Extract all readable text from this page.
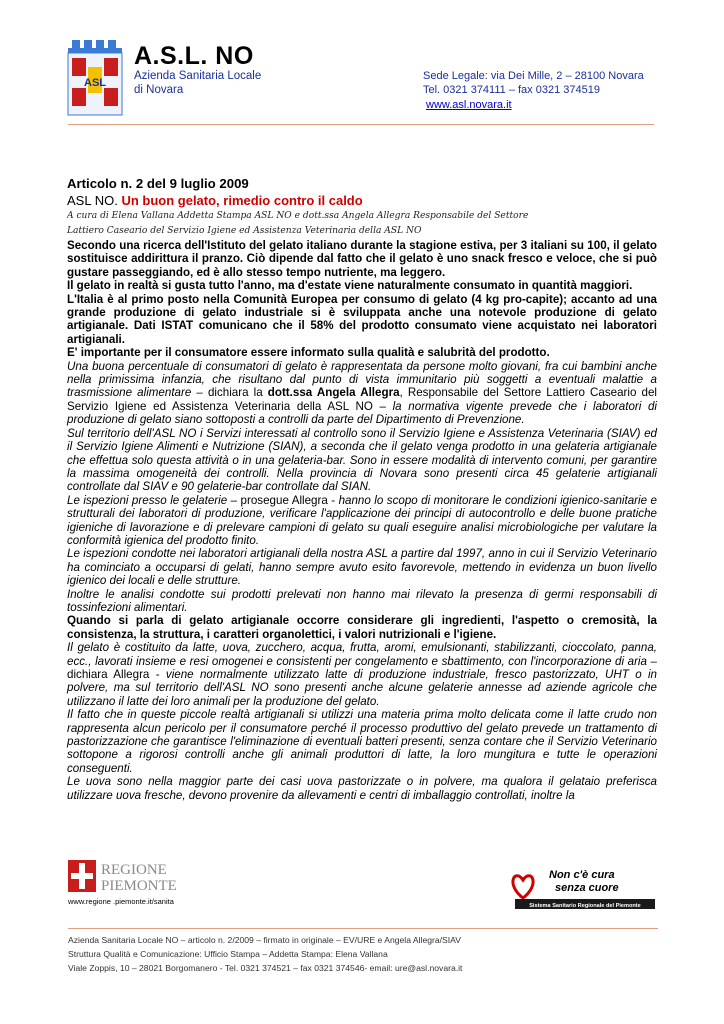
ASL
A.S.L. NO
Azienda Sanitaria Locale
di Novara
Sede Legale: via Dei Mille, 2 – 28100 Novara
Tel. 0321 374111 – fax 0321 374519
www.asl.novara.it
Articolo n. 2 del 9 luglio 2009
ASL NO. Un buon gelato, rimedio contro il caldo
A cura di Elena Vallana Addetta Stampa ASL NO e dott.ssa Angela Allegra Responsabile del Settore
Lattiero Caseario del Servizio Igiene ed Assistenza Veterinaria della ASL NO

Secondo una ricerca dell'Istituto del gelato italiano durante la stagione estiva, per 3 italiani su 100, il gelato sostituisce addirittura il pranzo. Ciò dipende dal fatto che il gelato è uno snack fresco e veloce, che si può gustare passeggiando, ed è allo stesso tempo nutriente, ma leggero.

Il gelato in realtà si gusta tutto l'anno, ma d'estate viene naturalmente consumato in quantità maggiori.

L'Italia è al primo posto nella Comunità Europea per consumo di gelato (4 kg pro-capite); accanto ad una grande produzione di gelato industriale si è sviluppata anche una notevole produzione di gelato artigianale. Dati ISTAT comunicano che il 58% del prodotto consumato viene acquistato nei laboratori artigianali.

E' importante per il consumatore essere informato sulla qualità e salubrità del prodotto.

Una buona percentuale di consumatori di gelato è rappresentata da persone molto giovani, fra cui bambini anche nella primissima infanzia, che risultano dal punto di vista immunitario più soggetti a eventuali malattie a trasmissione alimentare – dichiara la dott.ssa Angela Allegra, Responsabile del Settore Lattiero Caseario del Servizio Igiene ed Assistenza Veterinaria della ASL NO – la normativa vigente prevede che i laboratori di produzione di gelato siano sottoposti a controlli da parte del Dipartimento di Prevenzione.

Sul territorio dell'ASL NO i Servizi interessati al controllo sono il Servizio Igiene e Assistenza Veterinaria (SIAV) ed il Servizio Igiene Alimenti e Nutrizione (SIAN), a seconda che il gelato venga prodotto in una gelateria artigianale che effettua solo questa attività o in una gelateria-bar. Sono in essere modalità di intervento comuni, per garantire la massima omogeneità dei controlli. Nella provincia di Novara sono presenti circa 45 gelaterie artigianali controllate dal SIAV e 90 gelaterie-bar controllate dal SIAN.

Le ispezioni presso le gelaterie – prosegue Allegra - hanno lo scopo di monitorare le condizioni igienico-sanitarie e strutturali dei laboratori di produzione, verificare l'applicazione dei principi di autocontrollo e delle buone pratiche igieniche di lavorazione e di prelevare campioni di gelato su quali eseguire analisi microbiologiche per valutare la conformità igienica del prodotto finito.

Le ispezioni condotte nei laboratori artigianali della nostra ASL a partire dal 1997, anno in cui il Servizio Veterinario ha cominciato a occuparsi di gelati, hanno sempre avuto esito favorevole, mettendo in evidenza un buon livello igienico dei locali e delle strutture.

Inoltre le analisi condotte sui prodotti prelevati non hanno mai rilevato la presenza di germi responsabili di tossinfezioni alimentari.

Quando si parla di gelato artigianale occorre considerare gli ingredienti, l'aspetto o cremosità, la consistenza, la struttura, i caratteri organolettici, i valori nutrizionali e l'igiene.

Il gelato è costituito da latte, uova, zucchero, acqua, frutta, aromi, emulsionanti, stabilizzanti, cioccolato, panna, ecc., lavorati insieme e resi omogenei e consistenti per congelamento e sbattimento, con l'incorporazione di aria – dichiara Allegra - viene normalmente utilizzato latte di produzione industriale, fresco pastorizzato, UHT o in polvere, ma sul territorio dell'ASL NO sono presenti anche alcune gelaterie annesse ad aziende agricole che utilizzano il latte dei loro animali per la produzione del gelato.

Il fatto che in queste piccole realtà artigianali si utilizzi una materia prima molto delicata come il latte crudo non rappresenta alcun pericolo per il consumatore perché il processo produttivo del gelato prevede un trattamento di pastorizzazione che garantisce l'eliminazione di eventuali batteri presenti, senza contare che il Servizio Veterinario sottopone a rigorosi controlli anche gli animali produttori di latte, la loro mungitura e tutte le operazioni conseguenti.

Le uova sono nella maggior parte dei casi uova pastorizzate o in polvere, ma qualora il gelataio preferisca utilizzare uova fresche, devono provenire da allevamenti e centri di imballaggio controllati, inoltre la

REGIONE
PIEMONTE
www.regione .piemonte.it/sanita
Non c'è cura
senza cuore
Sistema Sanitario Regionale del Piemonte
Azienda Sanitaria Locale NO – articolo n. 2/2009 – firmato in originale – EV/URE e Angela Allegra/SIAV
Struttura Qualità e Comunicazione: Ufficio Stampa – Addetta Stampa: Elena Vallana
Viale Zoppis, 10 – 28021 Borgomanero - Tel. 0321 374521 – fax 0321 374546- email: ure@asl.novara.it
